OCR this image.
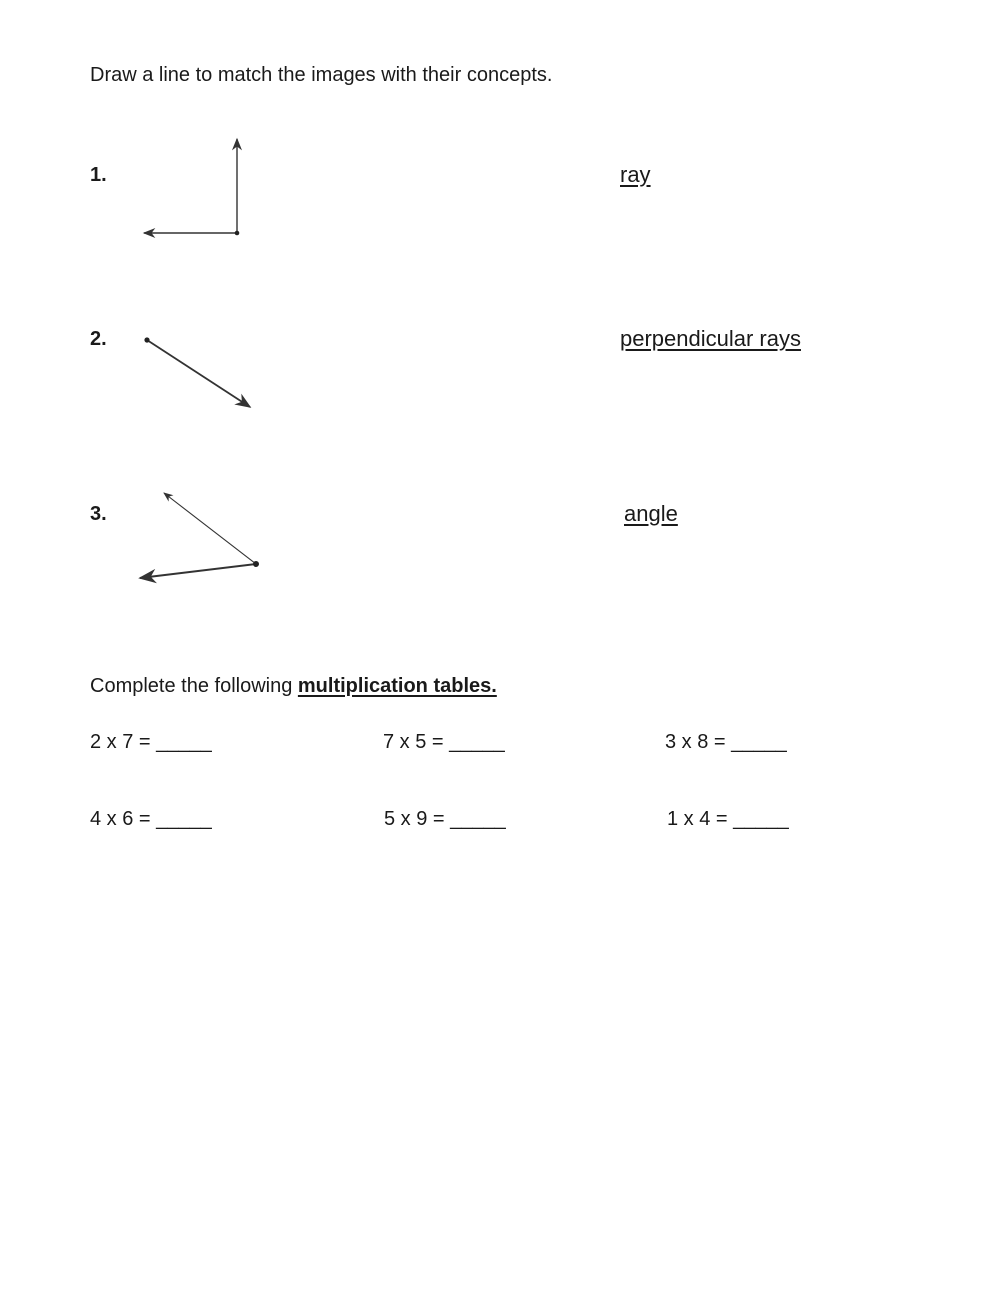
Draw a line to match the images with their concepts.
1.	ray
2.	perpendicular rays
3.	angle
Complete the following multiplication tables.
2 x 7 = _____	7 x 5 = _____	3 x 8 = _____
4 x 6 = _____	5 x 9 = _____	1 x 4 = _____
